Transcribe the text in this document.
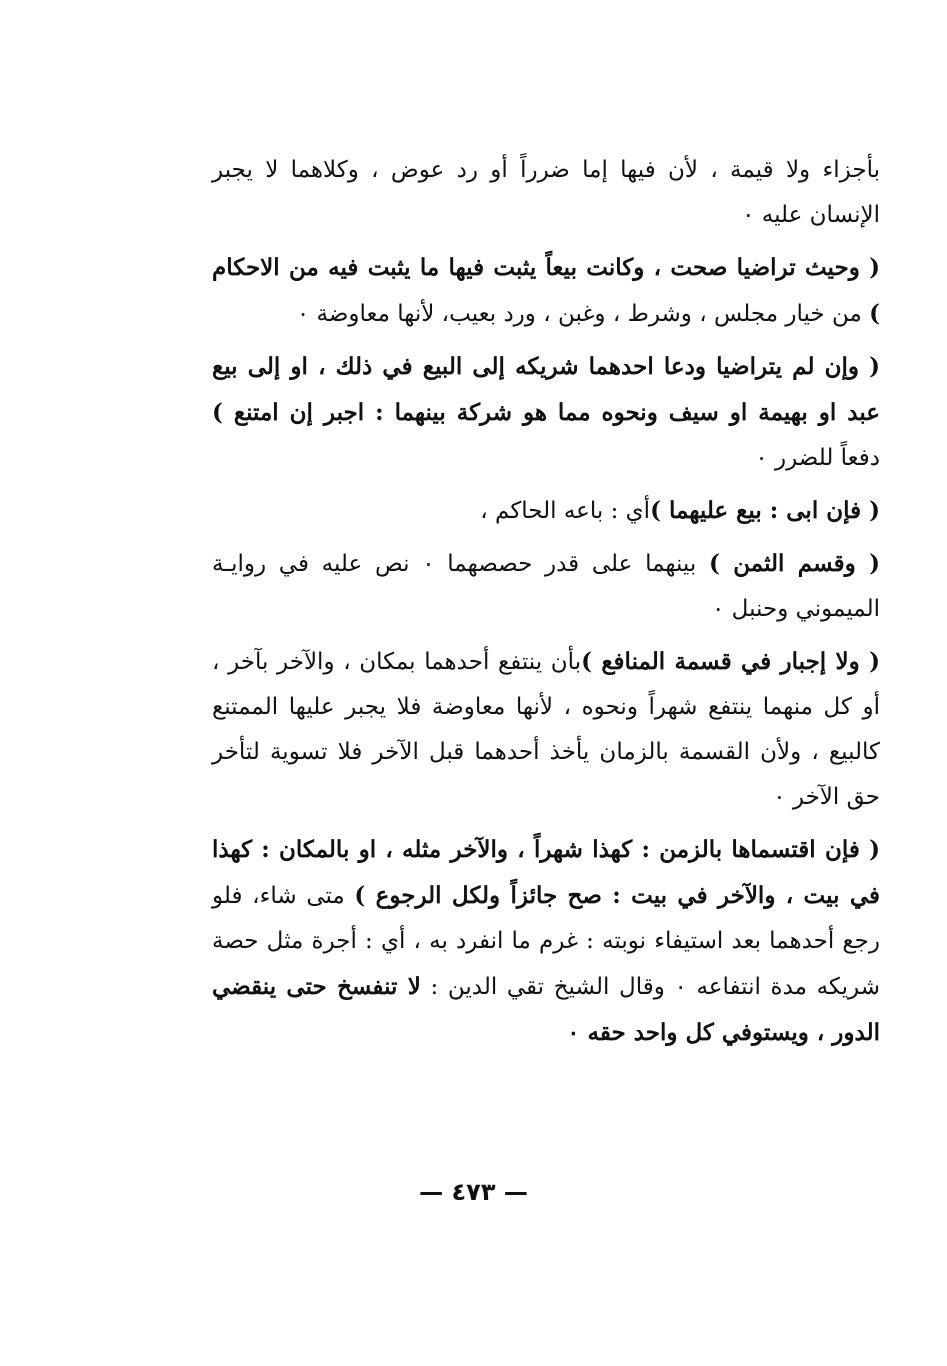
بأجزاء ولا قيمة ، لأن فيها إما ضرراً أو رد عوض ، وكلاهما لا يجبر الإنسان عليه ٠

( وحيث تراضيا صحت ، وكانت بيعاً يثبت فيها ما يثبت فيه من الاحكام ) من خيار مجلس ، وشرط ، وغبن ، ورد بعيب، لأنها معاوضة ٠

( وإن لم يتراضيا ودعا احدهما شريكه إلى البيع في ذلك ، او إلى بيع عبد او بهيمة او سيف ونحوه مما هو شركة بينهما : اجبر إن امتنع ) دفعاً للضرر ٠

( فإن ابى : بيع عليهما )أي : باعه الحاكم ،

( وقسم الثمن ) بينهما على قدر حصصهما ٠ نص عليه في روايـة الميموني وحنبل ٠

( ولا إجبار في قسمة المنافع )بأن ينتفع أحدهما بمكان ، والآخر بآخر ، أو كل منهما ينتفع شهراً ونحوه ، لأنها معاوضة فلا يجبر عليها الممتنع كالبيع ، ولأن القسمة بالزمان يأخذ أحدهما قبل الآخر فلا تسوية لتأخر حق الآخر ٠

( فإن اقتسماها بالزمن : كهذا شهراً ، والآخر مثله ، او بالمكان : كهذا في بيت ، والآخر في بيت : صح جائزاً ولكل الرجوع ) متى شاء، فلو رجع أحدهما بعد استيفاء نوبته : غرم ما انفرد به ، أي : أجرة مثل حصة شريكه مدة انتفاعه ٠ وقال الشيخ تقي الدين : لا تنفسخ حتى ينقضي الدور ، ويستوفي كل واحد حقه ٠

— ٤٧٣ —
